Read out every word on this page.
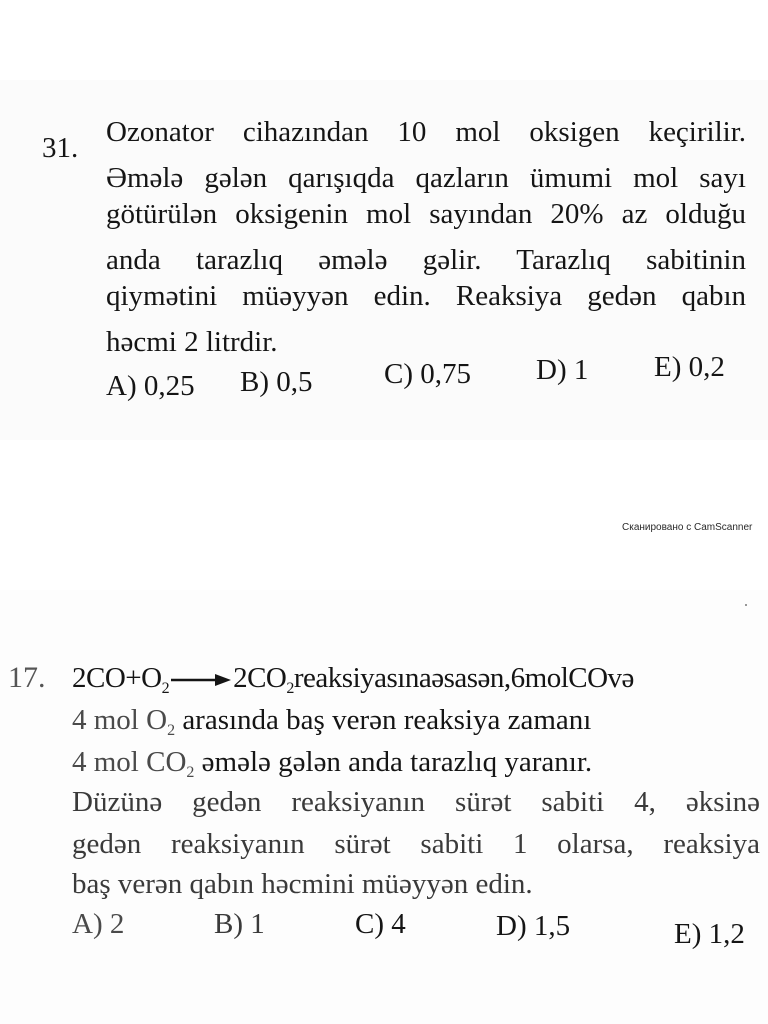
31. Ozonator cihazından 10 mol oksigen keçirilir.
Əmələ gələn qarışıqda qazların ümumi mol sayı
götürülən oksigenin mol sayından 20% az olduğu
anda tarazlıq əmələ gəlir. Tarazlıq sabitinin
qiymətini müəyyən edin. Reaksiya gedən qabın
həcmi 2 litrdir.
A) 0,25 B) 0,5 C) 0,75 D) 1 E) 0,2
Сканировано с CamScanner
17. $2CO+O_2$ → $2CO_2reaksiyasınaəsasən,6molCOvə$
4 mol $O_2$ arasında baş verən reaksiya zamanı
4 mol $CO_2$ əmələ gələn anda tarazlıq yaranır.
Düzünə gedən reaksiyanın sürət sabiti 4, əksinə
gedən reaksiyanın sürət sabiti 1 olarsa, reaksiya
baş verən qabın həcmini müəyyən edin.
A) 2	B) 1	C) 4	D) 1,5	E) 1,2
